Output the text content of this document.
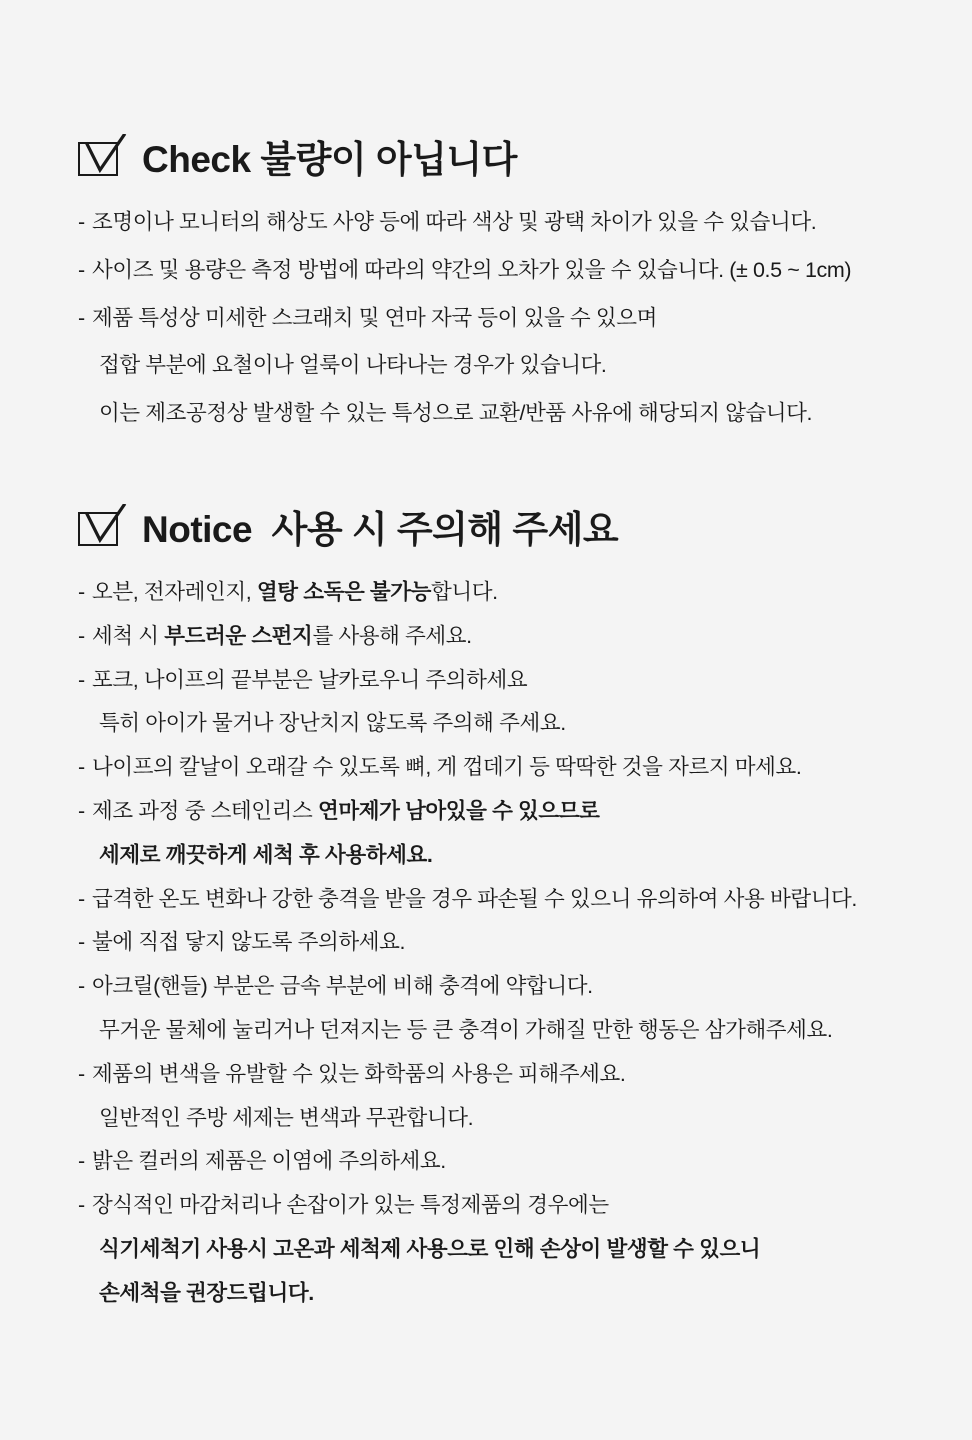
Check 불량이 아닙니다
- 조명이나 모니터의 해상도 사양 등에 따라 색상 및 광택 차이가 있을 수 있습니다.
- 사이즈 및 용량은 측정 방법에 따라의 약간의 오차가 있을 수 있습니다. (± 0.5 ~ 1cm)
- 제품 특성상 미세한 스크래치 및 연마 자국 등이 있을 수 있으며
접합 부분에 요철이나 얼룩이 나타나는 경우가 있습니다.
이는 제조공정상 발생할 수 있는 특성으로 교환/반품 사유에 해당되지 않습니다.
Notice  사용 시 주의해 주세요
- 오븐, 전자레인지, 열탕 소독은 불가능합니다.
- 세척 시 부드러운 스펀지를 사용해 주세요.
- 포크, 나이프의 끝부분은 날카로우니 주의하세요
특히 아이가 물거나 장난치지 않도록 주의해 주세요.
- 나이프의 칼날이 오래갈 수 있도록 뼈, 게 껍데기 등 딱딱한 것을 자르지 마세요.
- 제조 과정 중 스테인리스 연마제가 남아있을 수 있으므로
세제로 깨끗하게 세척 후 사용하세요.
- 급격한 온도 변화나 강한 충격을 받을 경우 파손될 수 있으니 유의하여 사용 바랍니다.
- 불에 직접 닿지 않도록 주의하세요.
- 아크릴(핸들) 부분은 금속 부분에 비해 충격에 약합니다.
무거운 물체에 눌리거나 던져지는 등 큰 충격이 가해질 만한 행동은 삼가해주세요.
- 제품의 변색을 유발할 수 있는 화학품의 사용은 피해주세요.
일반적인 주방 세제는 변색과 무관합니다.
- 밝은 컬러의 제품은 이염에 주의하세요.
- 장식적인 마감처리나 손잡이가 있는 특정제품의 경우에는
식기세척기 사용시 고온과 세척제 사용으로 인해 손상이 발생할 수 있으니
손세척을 권장드립니다.
